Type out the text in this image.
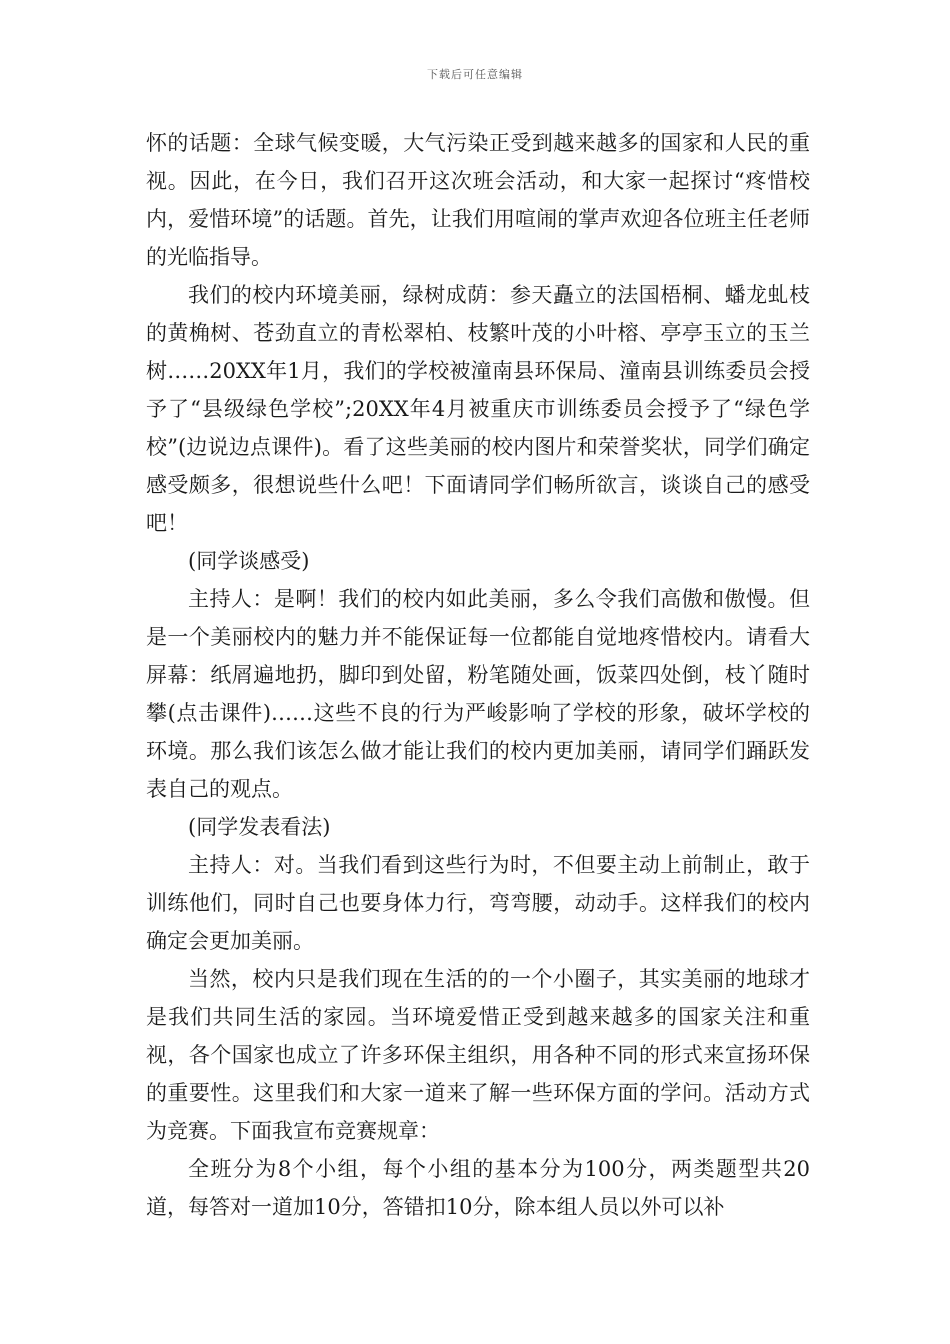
下载后可任意编辑

怀的话题：全球气候变暖，大气污染正受到越来越多的国家和人民的重视。因此，在今日，我们召开这次班会活动，和大家一起探讨“疼惜校内，爱惜环境”的话题。首先，让我们用喧闹的掌声欢迎各位班主任老师的光临指导。

我们的校内环境美丽，绿树成荫：参天矗立的法国梧桐、蟠龙虬枝的黄桷树、苍劲直立的青松翠柏、枝繁叶茂的小叶榕、亭亭玉立的玉兰树……20XX年1月，我们的学校被潼南县环保局、潼南县训练委员会授予了“县级绿色学校”;20XX年4月被重庆市训练委员会授予了“绿色学校”(边说边点课件)。看了这些美丽的校内图片和荣誉奖状，同学们确定感受颇多，很想说些什么吧！下面请同学们畅所欲言，谈谈自己的感受吧！

(同学谈感受)

主持人：是啊！我们的校内如此美丽，多么令我们高傲和傲慢。但是一个美丽校内的魅力并不能保证每一位都能自觉地疼惜校内。请看大屏幕：纸屑遍地扔，脚印到处留，粉笔随处画，饭菜四处倒，枝丫随时攀(点击课件)……这些不良的行为严峻影响了学校的形象，破坏学校的环境。那么我们该怎么做才能让我们的校内更加美丽，请同学们踊跃发表自己的观点。

(同学发表看法)

主持人：对。当我们看到这些行为时，不但要主动上前制止，敢于训练他们，同时自己也要身体力行，弯弯腰，动动手。这样我们的校内确定会更加美丽。

当然，校内只是我们现在生活的的一个小圈子，其实美丽的地球才是我们共同生活的家园。当环境爱惜正受到越来越多的国家关注和重视，各个国家也成立了许多环保主组织，用各种不同的形式来宣扬环保的重要性。这里我们和大家一道来了解一些环保方面的学问。活动方式为竞赛。下面我宣布竞赛规章：

全班分为8个小组，每个小组的基本分为100分，两类题型共20道，每答对一道加10分，答错扣10分，除本组人员以外可以补
